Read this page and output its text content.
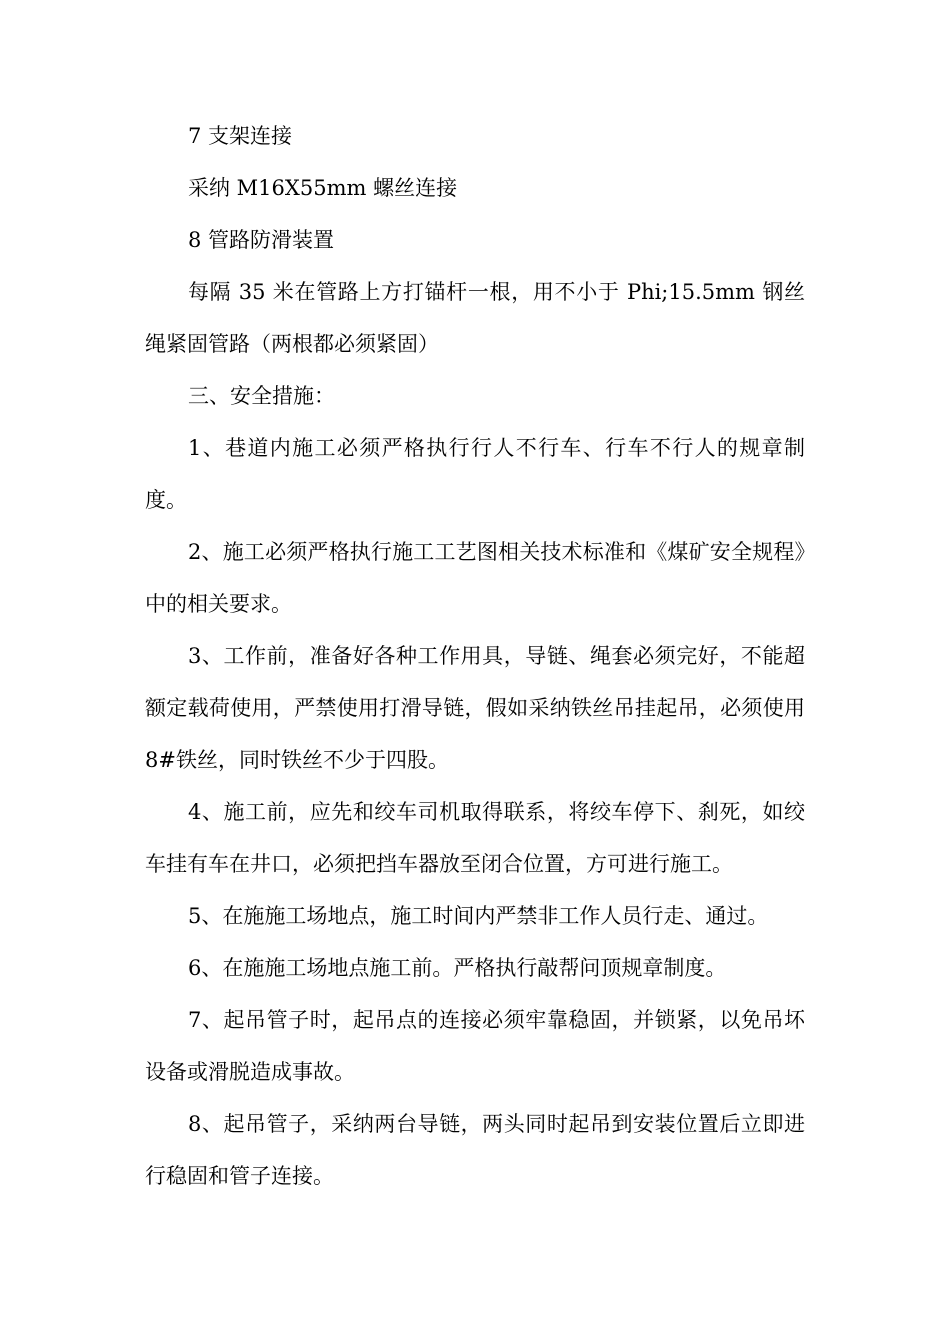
7 支架连接

采纳 M16X55mm 螺丝连接

8 管路防滑装置

每隔 35 米在管路上方打锚杆一根，用不小于 Phi;15.5mm 钢丝绳紧固管路（两根都必须紧固）

三、安全措施：

1、巷道内施工必须严格执行行人不行车、行车不行人的规章制度。

2、施工必须严格执行施工工艺图相关技术标准和《煤矿安全规程》中的相关要求。

3、工作前，准备好各种工作用具，导链、绳套必须完好，不能超额定载荷使用，严禁使用打滑导链，假如采纳铁丝吊挂起吊，必须使用 8#铁丝，同时铁丝不少于四股。

4、施工前，应先和绞车司机取得联系，将绞车停下、刹死，如绞车挂有车在井口，必须把挡车器放至闭合位置，方可进行施工。

5、在施施工场地点，施工时间内严禁非工作人员行走、通过。

6、在施施工场地点施工前。严格执行敲帮问顶规章制度。

7、起吊管子时，起吊点的连接必须牢靠稳固，并锁紧，以免吊坏设备或滑脱造成事故。

8、起吊管子，采纳两台导链，两头同时起吊到安装位置后立即进行稳固和管子连接。
